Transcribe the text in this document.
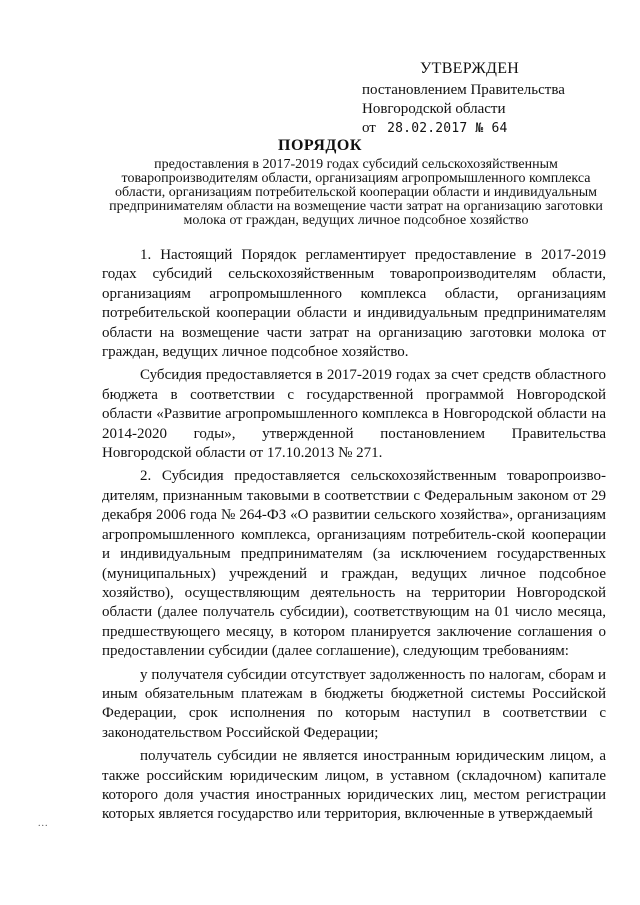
УТВЕРЖДЕН
постановлением Правительства
Новгородской области
от 28.02.2017 № 64
ПОРЯДОК
предоставления в 2017-2019 годах субсидий сельскохозяйственным товаропроизводителям области, организациям агропромышленного комплекса области, организациям потребительской кооперации области и индивидуальным предпринимателям области на возмещение части затрат на организацию заготовки молока от граждан, ведущих личное подсобное хозяйство

1. Настоящий Порядок регламентирует предоставление в 2017-2019 годах субсидий сельскохозяйственным товаропроизводителям области, организациям агропромышленного комплекса области, организациям потребительской кооперации области и индивидуальным предпринимателям области на возмещение части затрат на организацию заготовки молока от граждан, ведущих личное подсобное хозяйство.

Субсидия предоставляется в 2017-2019 годах за счет средств областного бюджета в соответствии с государственной программой Новгородской области «Развитие агропромышленного комплекса в Новгородской области на 2014-2020 годы», утвержденной постановлением Правительства Новгородской области от 17.10.2013 № 271.

2. Субсидия предоставляется сельскохозяйственным товаропроизво-дителям, признанным таковыми в соответствии с Федеральным законом от 29 декабря 2006 года № 264-ФЗ «О развитии сельского хозяйства», организациям агропромышленного комплекса, организациям потребитель-ской кооперации и индивидуальным предпринимателям (за исключением государственных (муниципальных) учреждений и граждан, ведущих личное подсобное хозяйство), осуществляющим деятельность на территории Новгородской области (далее получатель субсидии), соответствующим на 01 число месяца, предшествующего месяцу, в котором планируется заключение соглашения о предоставлении субсидии (далее соглашение), следующим требованиям:

у получателя субсидии отсутствует задолженность по налогам, сборам и иным обязательным платежам в бюджеты бюджетной системы Российской Федерации, срок исполнения по которым наступил в соответствии с законодательством Российской Федерации;

получатель субсидии не является иностранным юридическим лицом, а также российским юридическим лицом, в уставном (складочном) капитале которого доля участия иностранных юридических лиц, местом регистрации которых является государство или территория, включенные в утверждаемый

...
